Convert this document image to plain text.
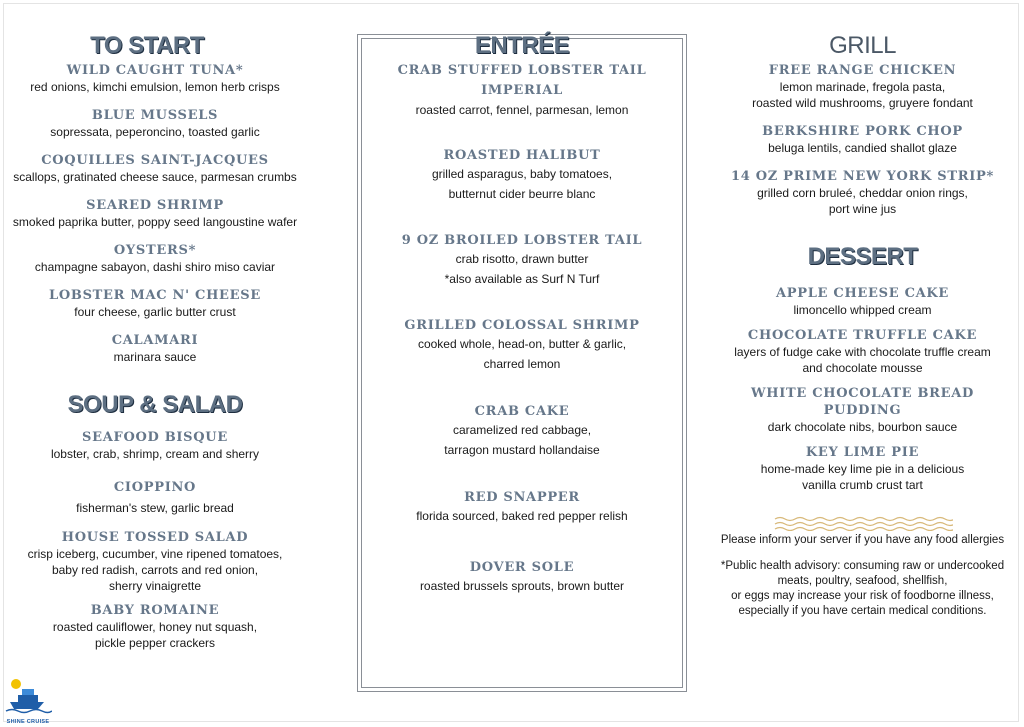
TO START
WILD CAUGHT TUNA*
red onions, kimchi emulsion, lemon herb crisps
BLUE MUSSELS
sopressata, peperoncino, toasted garlic
COQUILLES SAINT-JACQUES
scallops, gratinated cheese sauce, parmesan crumbs
SEARED SHRIMP
smoked paprika butter, poppy seed langoustine wafer
OYSTERS*
champagne sabayon, dashi shiro miso caviar
LOBSTER MAC N' CHEESE
four cheese, garlic butter crust
CALAMARI
marinara sauce
SOUP & SALAD
SEAFOOD BISQUE
lobster, crab, shrimp, cream and sherry
CIOPPINO
fisherman's stew, garlic bread
HOUSE TOSSED SALAD
crisp iceberg, cucumber, vine ripened tomatoes,
baby red radish, carrots and red onion,
sherry vinaigrette
BABY ROMAINE
roasted cauliflower, honey nut squash,
pickle pepper crackers
ENTRÉE
CRAB STUFFED LOBSTER TAIL
IMPERIAL
roasted carrot, fennel, parmesan, lemon
ROASTED HALIBUT
grilled asparagus, baby tomatoes,
butternut cider beurre blanc
9 OZ BROILED LOBSTER TAIL
crab risotto, drawn butter
*also available as Surf N Turf
GRILLED COLOSSAL SHRIMP
cooked whole, head-on, butter & garlic,
charred lemon
CRAB CAKE
caramelized red cabbage,
tarragon mustard hollandaise
RED SNAPPER
florida sourced, baked red pepper relish
DOVER SOLE
roasted brussels sprouts, brown butter
GRILL
FREE RANGE CHICKEN
lemon marinade, fregola pasta,
roasted wild mushrooms, gruyere fondant
BERKSHIRE PORK CHOP
beluga lentils, candied shallot glaze
14 OZ PRIME NEW YORK STRIP*
grilled corn bruleé, cheddar onion rings,
port wine jus
DESSERT
APPLE CHEESE CAKE
limoncello whipped cream
CHOCOLATE TRUFFLE CAKE
layers of fudge cake with chocolate truffle cream
and chocolate mousse
WHITE CHOCOLATE BREAD
PUDDING
dark chocolate nibs, bourbon sauce
KEY LIME PIE
home-made key lime pie in a delicious
vanilla crumb crust tart
Please inform your server if you have any food allergies
*Public health advisory: consuming raw or undercooked
meats, poultry, seafood, shellfish,
or eggs may increase your risk of foodborne illness,
especially if you have certain medical conditions.
SHINE CRUISE
